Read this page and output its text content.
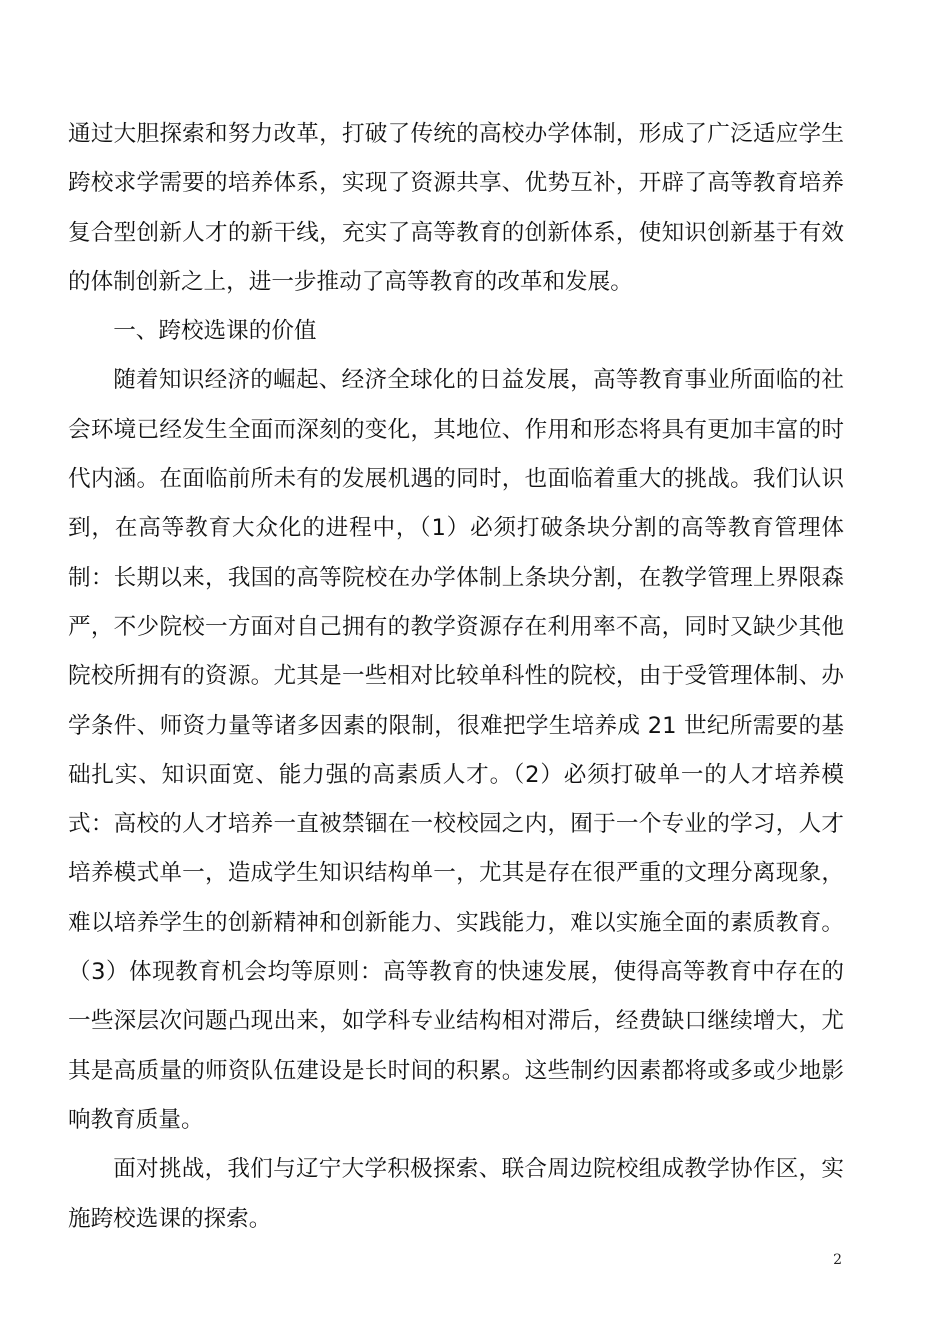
通过大胆探索和努力改革，打破了传统的高校办学体制，形成了广泛适应学生跨校求学需要的培养体系，实现了资源共享、优势互补，开辟了高等教育培养复合型创新人才的新干线，充实了高等教育的创新体系，使知识创新基于有效的体制创新之上，进一步推动了高等教育的改革和发展。

一、跨校选课的价值

随着知识经济的崛起、经济全球化的日益发展，高等教育事业所面临的社会环境已经发生全面而深刻的变化，其地位、作用和形态将具有更加丰富的时代内涵。在面临前所未有的发展机遇的同时，也面临着重大的挑战。我们认识到，在高等教育大众化的进程中，（1）必须打破条块分割的高等教育管理体制：长期以来，我国的高等院校在办学体制上条块分割，在教学管理上界限森严，不少院校一方面对自己拥有的教学资源存在利用率不高，同时又缺少其他院校所拥有的资源。尤其是一些相对比较单科性的院校，由于受管理体制、办学条件、师资力量等诸多因素的限制，很难把学生培养成 21 世纪所需要的基础扎实、知识面宽、能力强的高素质人才。（2）必须打破单一的人才培养模式：高校的人才培养一直被禁锢在一校校园之内，囿于一个专业的学习，人才培养模式单一，造成学生知识结构单一，尤其是存在很严重的文理分离现象，难以培养学生的创新精神和创新能力、实践能力，难以实施全面的素质教育。（3）体现教育机会均等原则：高等教育的快速发展，使得高等教育中存在的一些深层次问题凸现出来，如学科专业结构相对滞后，经费缺口继续增大，尤其是高质量的师资队伍建设是长时间的积累。这些制约因素都将或多或少地影响教育质量。

面对挑战，我们与辽宁大学积极探索、联合周边院校组成教学协作区，实施跨校选课的探索。

2
